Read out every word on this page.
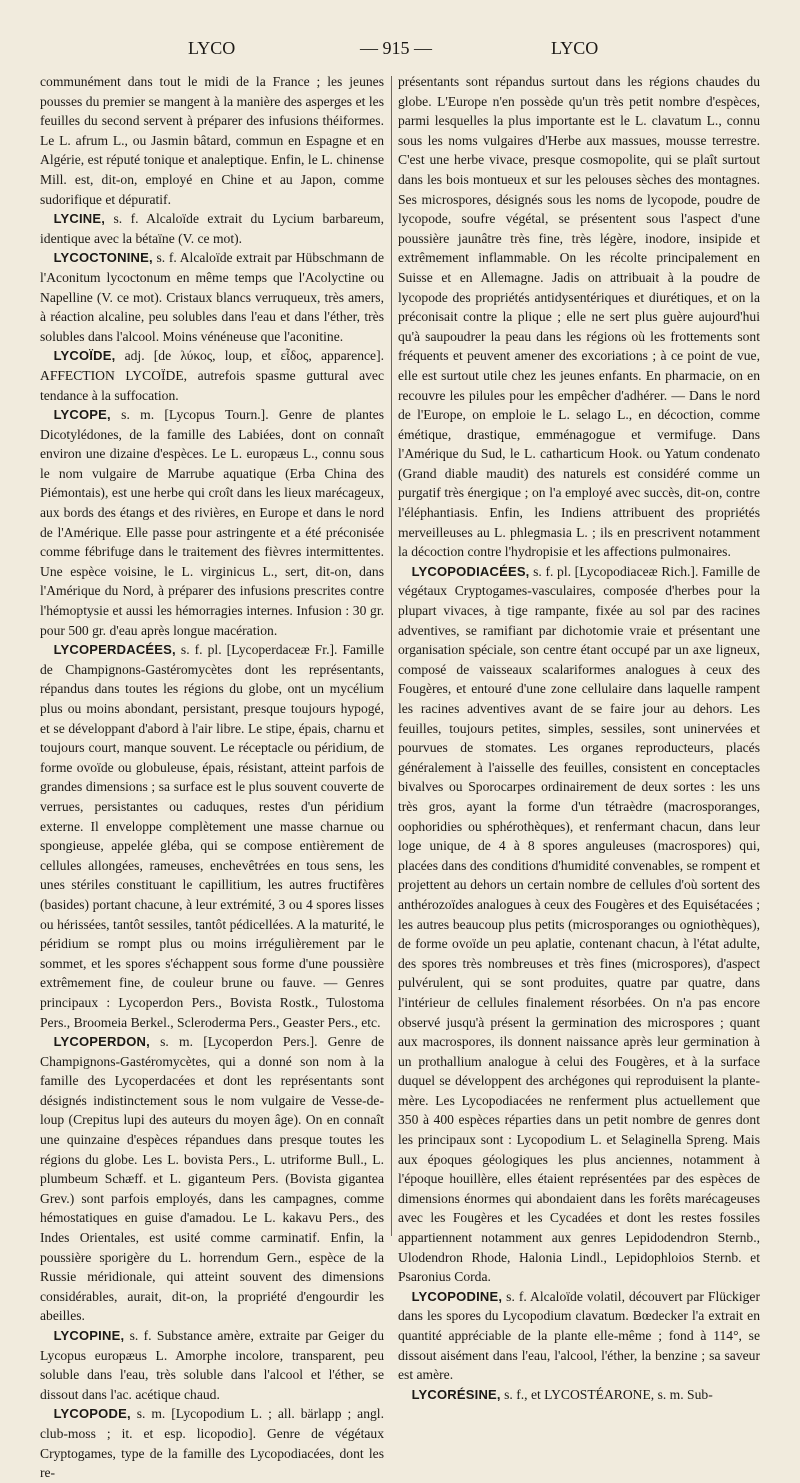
LYCO	— 915 —	LYCO

communément dans tout le midi de la France ; les jeunes pousses du premier se mangent à la manière des asperges et les feuilles du second servent à préparer des infusions théiformes. Le L. afrum L., ou Jasmin bâtard, commun en Espagne et en Algérie, est réputé tonique et analeptique. Enfin, le L. chinense Mill. est, dit-on, employé en Chine et au Japon, comme sudorifique et dépuratif.

LYCINE, s. f. Alcaloïde extrait du Lycium barbareum, identique avec la bétaïne (V. ce mot).

LYCOCTONINE, s. f. Alcaloïde extrait par Hübschmann de l'Aconitum lycoctonum en même temps que l'Acolyctine ou Napelline (V. ce mot). Cristaux blancs verruqueux, très amers, à réaction alcaline, peu solubles dans l'eau et dans l'éther, très solubles dans l'alcool. Moins vénéneuse que l'aconitine.

LYCOÏDE, adj. [de λύκος, loup, et εἶδος, apparence]. AFFECTION LYCOÏDE, autrefois spasme guttural avec tendance à la suffocation.

LYCOPE, s. m. [Lycopus Tourn.]. Genre de plantes Dicotylédones, de la famille des Labiées, dont on connaît environ une dizaine d'espèces. Le L. europæus L., connu sous le nom vulgaire de Marrube aquatique (Erba China des Piémontais), est une herbe qui croît dans les lieux marécageux, aux bords des étangs et des rivières, en Europe et dans le nord de l'Amérique. Elle passe pour astringente et a été préconisée comme fébrifuge dans le traitement des fièvres intermittentes. Une espèce voisine, le L. virginicus L., sert, dit-on, dans l'Amérique du Nord, à préparer des infusions prescrites contre l'hémoptysie et aussi les hémorragies internes. Infusion : 30 gr. pour 500 gr. d'eau après longue macération.

LYCOPERDACÉES, s. f. pl. [Lycoperdaceæ Fr.]. Famille de Champignons-Gastéromycètes dont les représentants, répandus dans toutes les régions du globe, ont un mycélium plus ou moins abondant, persistant, presque toujours hypogé, et se développant d'abord à l'air libre. Le stipe, épais, charnu et toujours court, manque souvent. Le réceptacle ou péridium, de forme ovoïde ou globuleuse, épais, résistant, atteint parfois de grandes dimensions ; sa surface est le plus souvent couverte de verrues, persistantes ou caduques, restes d'un péridium externe. Il enveloppe complètement une masse charnue ou spongieuse, appelée gléba, qui se compose entièrement de cellules allongées, rameuses, enchevêtrées en tous sens, les unes stériles constituant le capillitium, les autres fructifères (basides) portant chacune, à leur extrémité, 3 ou 4 spores lisses ou hérissées, tantôt sessiles, tantôt pédicellées. A la maturité, le péridium se rompt plus ou moins irrégulièrement par le sommet, et les spores s'échappent sous forme d'une poussière extrêmement fine, de couleur brune ou fauve. — Genres principaux : Lycoperdon Pers., Bovista Rostk., Tulostoma Pers., Broomeia Berkel., Scleroderma Pers., Geaster Pers., etc.

LYCOPERDON, s. m. [Lycoperdon Pers.]. Genre de Champignons-Gastéromycètes, qui a donné son nom à la famille des Lycoperdacées et dont les représentants sont désignés indistinctement sous le nom vulgaire de Vesse-de-loup (Crepitus lupi des auteurs du moyen âge). On en connaît une quinzaine d'espèces répandues dans presque toutes les régions du globe. Les L. bovista Pers., L. utriforme Bull., L. plumbeum Schæff. et L. giganteum Pers. (Bovista gigantea Grev.) sont parfois employés, dans les campagnes, comme hémostatiques en guise d'amadou. Le L. kakavu Pers., des Indes Orientales, est usité comme carminatif. Enfin, la poussière sporigère du L. horrendum Gern., espèce de la Russie méridionale, qui atteint souvent des dimensions considérables, aurait, dit-on, la propriété d'engourdir les abeilles.

LYCOPINE, s. f. Substance amère, extraite par Geiger du Lycopus europæus L. Amorphe incolore, transparent, peu soluble dans l'eau, très soluble dans l'alcool et l'éther, se dissout dans l'ac. acétique chaud.

LYCOPODE, s. m. [Lycopodium L. ; all. bärlapp ; angl. club-moss ; it. et esp. licopodio]. Genre de végétaux Cryptogames, type de la famille des Lycopodiacées, dont les re-

présentants sont répandus surtout dans les régions chaudes du globe. L'Europe n'en possède qu'un très petit nombre d'espèces, parmi lesquelles la plus importante est le L. clavatum L., connu sous les noms vulgaires d'Herbe aux massues, mousse terrestre. C'est une herbe vivace, presque cosmopolite, qui se plaît surtout dans les bois montueux et sur les pelouses sèches des montagnes. Ses microspores, désignés sous les noms de lycopode, poudre de lycopode, soufre végétal, se présentent sous l'aspect d'une poussière jaunâtre très fine, très légère, inodore, insipide et extrêmement inflammable. On les récolte principalement en Suisse et en Allemagne. Jadis on attribuait à la poudre de lycopode des propriétés antidysentériques et diurétiques, et on la préconisait contre la plique ; elle ne sert plus guère aujourd'hui qu'à saupoudrer la peau dans les régions où les frottements sont fréquents et peuvent amener des excoriations ; à ce point de vue, elle est surtout utile chez les jeunes enfants. En pharmacie, on en recouvre les pilules pour les empêcher d'adhérer. — Dans le nord de l'Europe, on emploie le L. selago L., en décoction, comme émétique, drastique, emménagogue et vermifuge. Dans l'Amérique du Sud, le L. catharticum Hook. ou Yatum condenato (Grand diable maudit) des naturels est considéré comme un purgatif très énergique ; on l'a employé avec succès, dit-on, contre l'éléphantiasis. Enfin, les Indiens attribuent des propriétés merveilleuses au L. phlegmasia L. ; ils en prescrivent notamment la décoction contre l'hydropisie et les affections pulmonaires.

LYCOPODIACÉES, s. f. pl. [Lycopodiaceæ Rich.]. Famille de végétaux Cryptogames-vasculaires, composée d'herbes pour la plupart vivaces, à tige rampante, fixée au sol par des racines adventives, se ramifiant par dichotomie vraie et présentant une organisation spéciale, son centre étant occupé par un axe ligneux, composé de vaisseaux scalariformes analogues à ceux des Fougères, et entouré d'une zone cellulaire dans laquelle rampent les racines adventives avant de se faire jour au dehors. Les feuilles, toujours petites, simples, sessiles, sont uninervées et pourvues de stomates. Les organes reproducteurs, placés généralement à l'aisselle des feuilles, consistent en conceptacles bivalves ou Sporocarpes ordinairement de deux sortes : les uns très gros, ayant la forme d'un tétraèdre (macrosporanges, oophoridies ou sphérothèques), et renfermant chacun, dans leur loge unique, de 4 à 8 spores anguleuses (macrospores) qui, placées dans des conditions d'humidité convenables, se rompent et projettent au dehors un certain nombre de cellules d'où sortent des anthérozoïdes analogues à ceux des Fougères et des Equisétacées ; les autres beaucoup plus petits (microsporanges ou ogniothèques), de forme ovoïde un peu aplatie, contenant chacun, à l'état adulte, des spores très nombreuses et très fines (microspores), d'aspect pulvérulent, qui se sont produites, quatre par quatre, dans l'intérieur de cellules finalement résorbées. On n'a pas encore observé jusqu'à présent la germination des microspores ; quant aux macrospores, ils donnent naissance après leur germination à un prothallium analogue à celui des Fougères, et à la surface duquel se développent des archégones qui reproduisent la plante-mère. Les Lycopodiacées ne renferment plus actuellement que 350 à 400 espèces réparties dans un petit nombre de genres dont les principaux sont : Lycopodium L. et Selaginella Spreng. Mais aux époques géologiques les plus anciennes, notamment à l'époque houillère, elles étaient représentées par des espèces de dimensions énormes qui abondaient dans les forêts marécageuses avec les Fougères et les Cycadées et dont les restes fossiles appartiennent notamment aux genres Lepidodendron Sternb., Ulodendron Rhode, Halonia Lindl., Lepidophloios Sternb. et Psaronius Corda.

LYCOPODINE, s. f. Alcaloïde volatil, découvert par Flückiger dans les spores du Lycopodium clavatum. Bœdecker l'a extrait en quantité appréciable de la plante elle-même ; fond à 114°, se dissout aisément dans l'eau, l'alcool, l'éther, la benzine ; sa saveur est amère.

LYCORÉSINE, s. f., et LYCOSTÉARONE, s. m. Sub-
